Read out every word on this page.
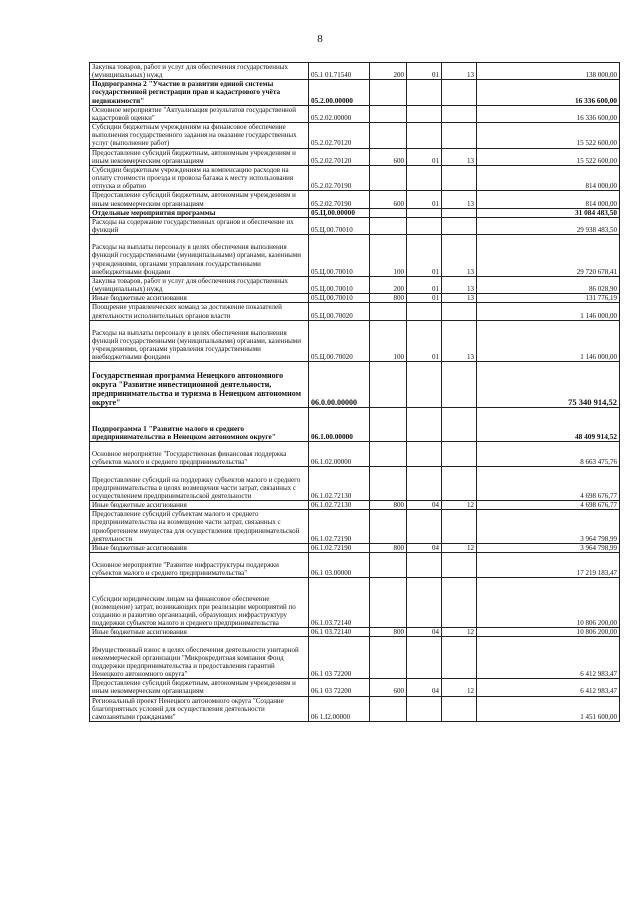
8
Закупка товаров, работ и услуг для обеспечения государственных (муниципальных) нужд	05.1 01.71540	200	01	13	138 000,00
Подпрограмма 2 "Участие в развитии единой системы государственной регистрации прав и кадастрового учёта недвижимости"	05.2.00.00000				16 336 600,00
Основное мероприятие "Актуализация результатов государственной кадастровой оценки"	05.2.02.00000				16 336 600,00
Субсидии бюджетным учреждениям на финансовое обеспечение выполнения государственного задания на оказание государственных услуг (выполнение работ)	05.2.02.70120				15 522 600,00
Предоставление субсидий бюджетным, автономным учреждениям и иным некоммерческим организациям	05.2.02.70120	600	01	13	15 522 600,00
Субсидии бюджетным учреждениям на компенсацию расходов на оплату стоимости проезда и провоза багажа к месту использования отпуска и обратно	05.2.02.70190				814 000,00
Предоставление субсидий бюджетным, автономным учреждениям и иным некоммерческим организациям	05.2.02.70190	600	01	13	814 000,00
Отдельные мероприятия программы	05.Ц.00.00000				31 084 483,50
Расходы на содержание государственных органов и обеспечение их функций	05.Ц.00.70010				29 938 483,50
Расходы на выплаты персоналу в целях обеспечения выполнения функций государственными (муниципальными) органами, казенными учреждениями, органами управления государственными внебюджетными фондами	05.Ц.00.70010	100	01	13	29 720 678,41
Закупка товаров, работ и услуг для обеспечения государственных (муниципальных) нужд	05.Ц.00.70010	200	01	13	86 028,90
Иные бюджетные ассигнования	05.Ц.00.70010	800	01	13	131 776,19
Поощрение управленческих команд за достижение показателей деятельности исполнительных органов власти	05.Ц.00.70020				1 146 000,00
Расходы на выплаты персоналу в целях обеспечения выполнения функций государственными (муниципальными) органами, казенными учреждениями, органами управления государственными внебюджетными фондами	05.Ц.00.70020	100	01	13	1 146 000,00
Государственная программа Ненецкого автономного округа "Развитие инвестиционной деятельности, предпринимательства и туризма в Ненецком автономном округе"	06.0.00.00000				75 340 914,52
Подпрограмма 1 "Развитие малого и среднего предпринимательства в Ненецком автономном округе"	06.1.00.00000				48 409 914,52
Основное мероприятие "Государственная финансовая поддержка субъектов малого и среднего предпринимательства"	06.1.02.00000				8 663 475,76
Предоставление субсидий на поддержку субъектов малого и среднего предпринимательства в целях возмещения части затрат, связанных с осуществлением предпринимательской деятельности	06.1.02.72130				4 698 676,77
Иные бюджетные ассигнования	06.1.02.72130	800	04	12	4 698 676,77
Предоставление субсидий субъектам малого и среднего предпринимательства на возмещение части затрат, связанных с приобретением имущества для осуществления предпринимательской деятельности	06.1.02.72190				3 964 798,99
Иные бюджетные ассигнования	06.1.02.72190	800	04	12	3 964 798,99
Основное мероприятие "Развитие инфраструктуры поддержки субъектов малого и среднего предпринимательства"	06.1 03.00000				17 219 183,47
Субсидии юридическим лицам на финансовое обеспечение (возмещение) затрат, возникающих при реализации мероприятий по созданию и развитию организаций, образующих инфраструктуру поддержки субъектов малого и среднего предпринимательства	06.1.03.72140				10 806 200,00
Иные бюджетные ассигнования	06.1 03.72140	800	04	12	10 806 200,00
Имущественный взнос в целях обеспечения деятельности унитарной некоммерческой организации "Микрокредитная компания Фонд поддержки предпринимательства и предоставления гарантий Ненецкого автономного округа"	06.1 03 72200				6 412 983,47
Предоставление субсидий бюджетным, автономным учреждениям и иным некоммерческим организациям	06.1 03 72200	600	04	12	6 412 983,47
Региональный проект Ненецкого автономного округа "Создание благоприятных условий для осуществления деятельности самозанятыми гражданами"	06 1.I2.00000				1 451 600,00
